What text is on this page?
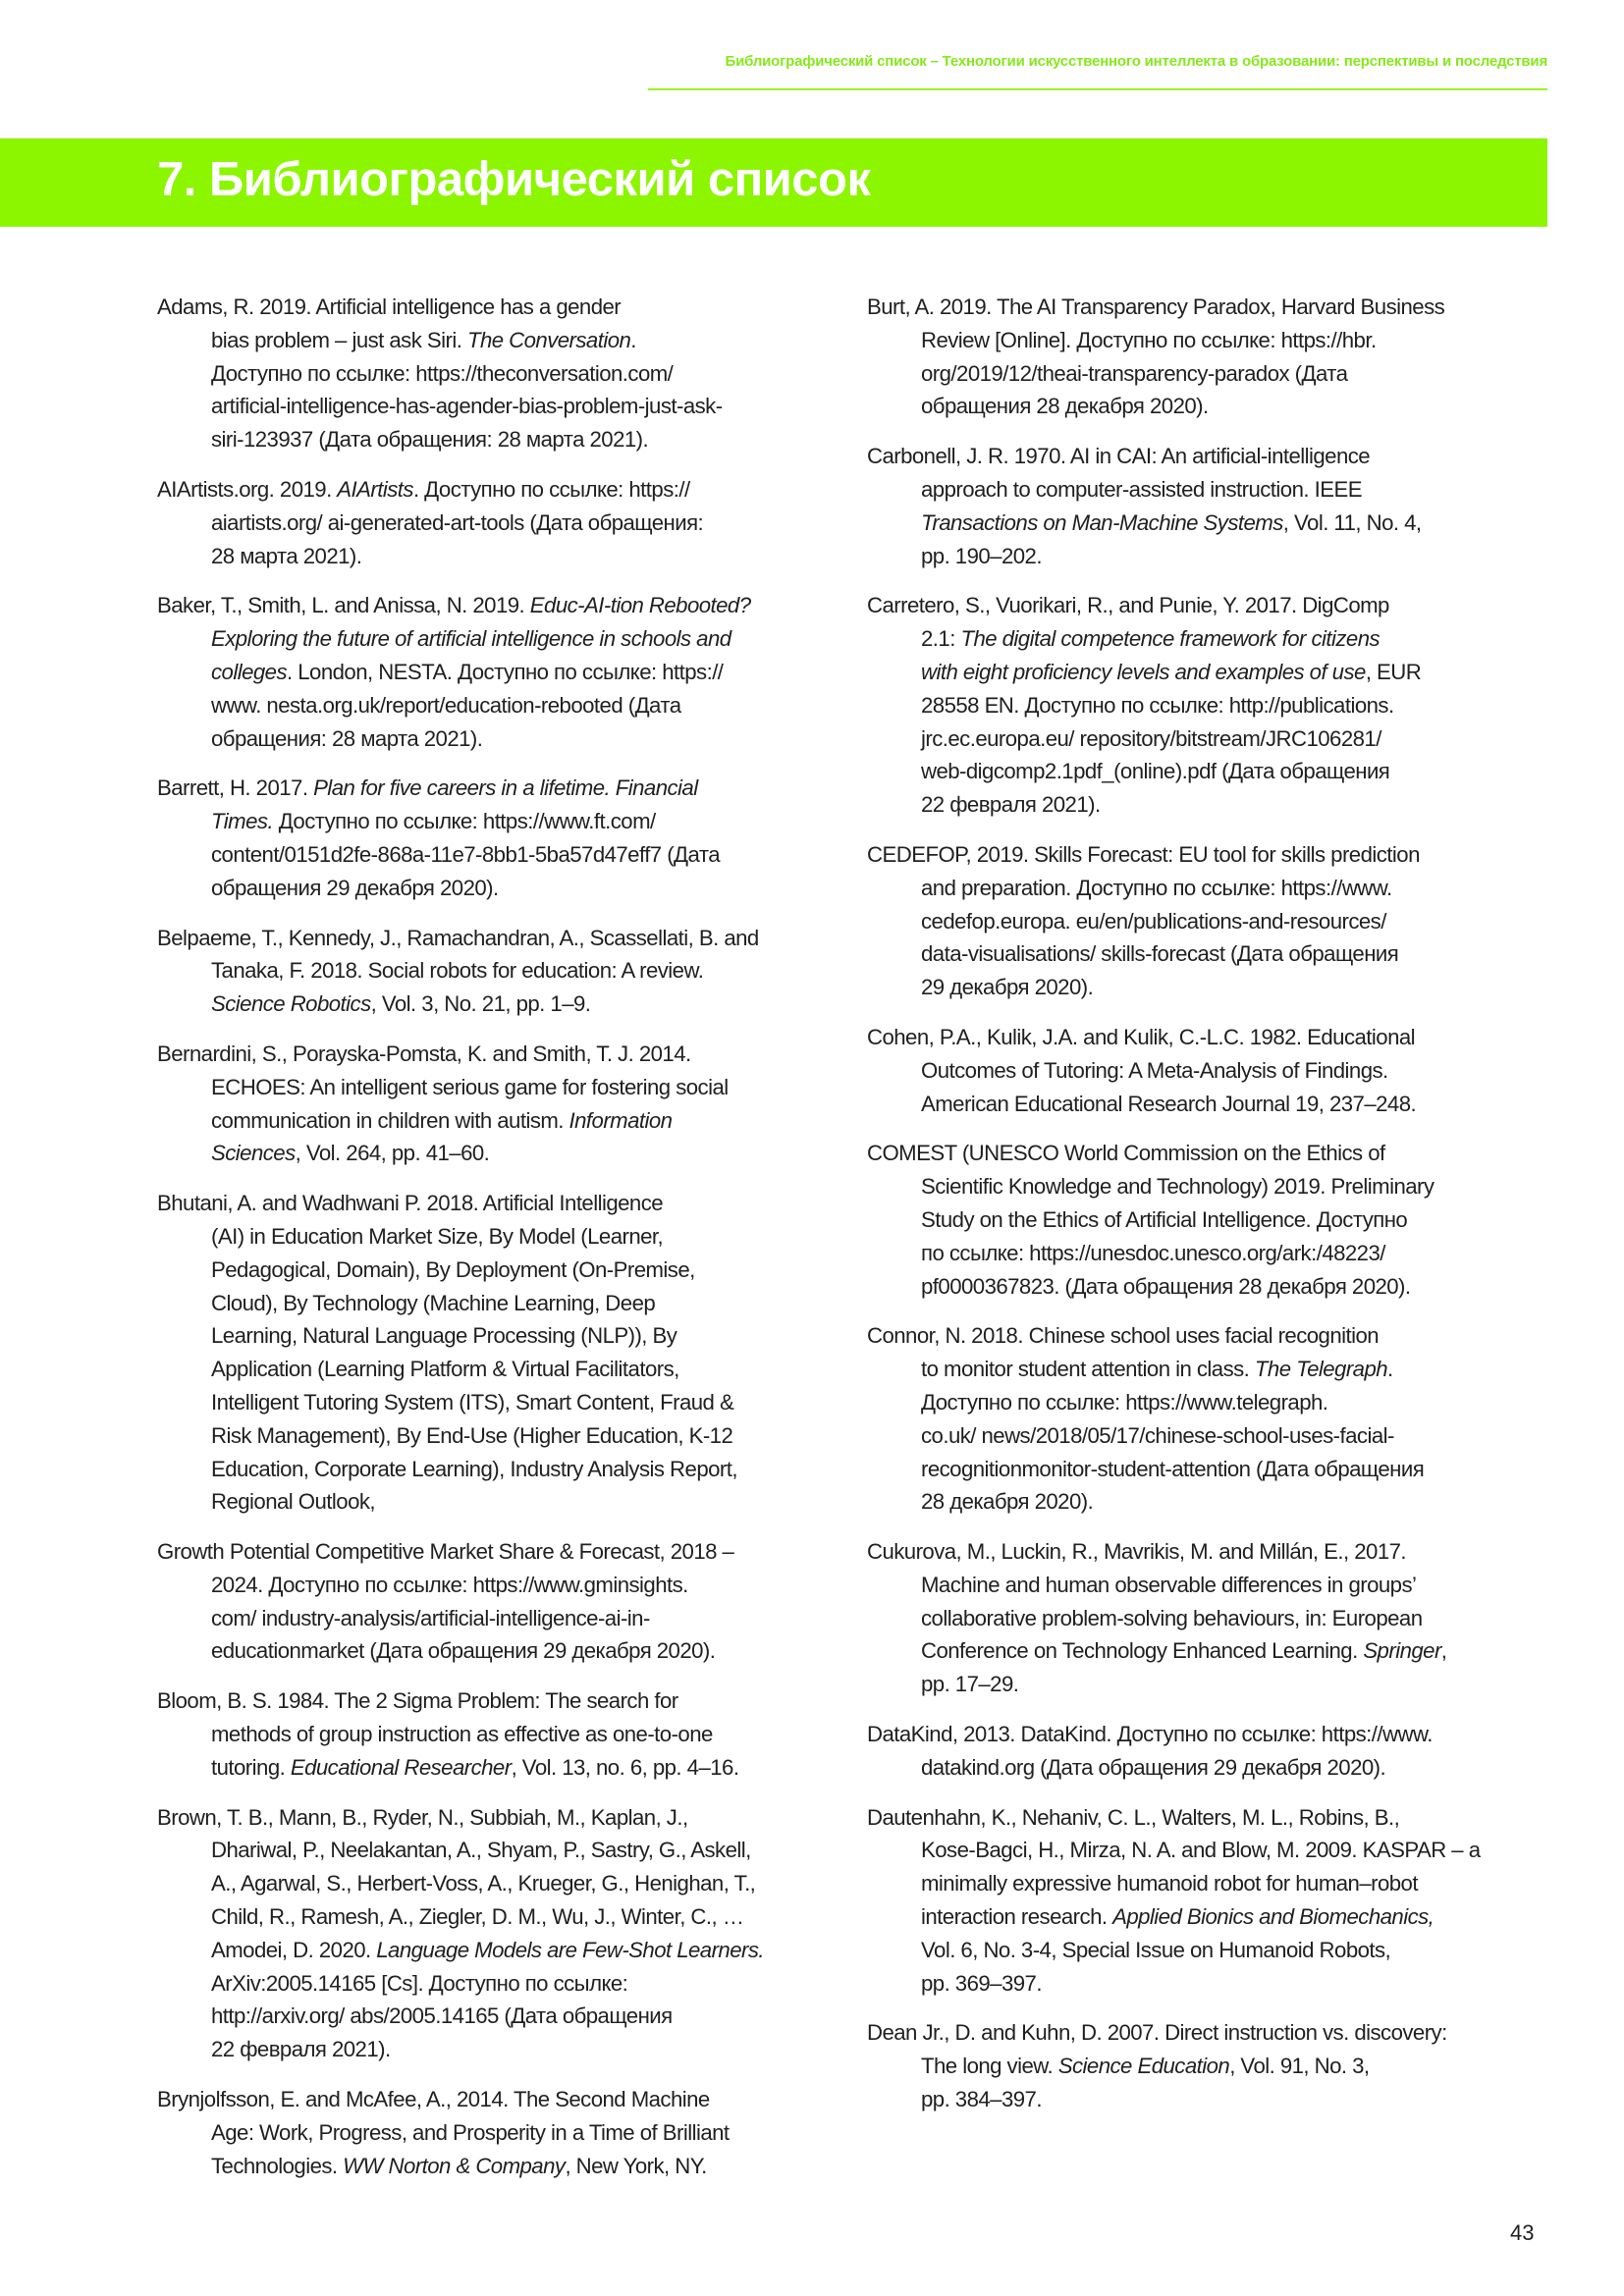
Библиографический список – Технологии искусственного интеллекта в образовании: перспективы и последствия
7. Библиографический список
Adams, R. 2019. Artificial intelligence has a gender
bias problem – just ask Siri. The Conversation.
Доступно по ссылке: https://theconversation.com/
artificial-intelligence-has-agender-bias-problem-just-ask-
siri-123937 (Дата обращения: 28 марта 2021).
AIArtists.org. 2019. AIArtists. Доступно по ссылке: https://
aiartists.org/ ai-generated-art-tools (Дата обращения:
28 марта 2021).
Baker, T., Smith, L. and Anissa, N. 2019. Educ-AI-tion Rebooted?
Exploring the future of artificial intelligence in schools and
colleges. London, NESTA. Доступно по ссылке: https://
www. nesta.org.uk/report/education-rebooted (Дата
обращения: 28 марта 2021).
Barrett, H. 2017. Plan for five careers in a lifetime. Financial
Times. Доступно по ссылке: https://www.ft.com/
content/0151d2fe-868a-11e7-8bb1-5ba57d47eff7 (Дата
обращения 29 декабря 2020).
Belpaeme, T., Kennedy, J., Ramachandran, A., Scassellati, B. and
Tanaka, F. 2018. Social robots for education: A review.
Science Robotics, Vol. 3, No. 21, pp. 1–9.
Bernardini, S., Porayska-Pomsta, K. and Smith, T. J. 2014.
ECHOES: An intelligent serious game for fostering social
communication in children with autism. Information
Sciences, Vol. 264, pp. 41–60.
Bhutani, A. and Wadhwani P. 2018. Artificial Intelligence
(AI) in Education Market Size, By Model (Learner,
Pedagogical, Domain), By Deployment (On-Premise,
Cloud), By Technology (Machine Learning, Deep
Learning, Natural Language Processing (NLP)), By
Application (Learning Platform & Virtual Facilitators,
Intelligent Tutoring System (ITS), Smart Content, Fraud &
Risk Management), By End-Use (Higher Education, K-12
Education, Corporate Learning), Industry Analysis Report,
Regional Outlook,
Growth Potential Competitive Market Share & Forecast, 2018 –
2024. Доступно по ссылке: https://www.gminsights.
com/ industry-analysis/artificial-intelligence-ai-in-
educationmarket (Дата обращения 29 декабря 2020).
Bloom, B. S. 1984. The 2 Sigma Problem: The search for
methods of group instruction as effective as one-to-one
tutoring. Educational Researcher, Vol. 13, no. 6, pp. 4–16.
Brown, T. B., Mann, B., Ryder, N., Subbiah, M., Kaplan, J.,
Dhariwal, P., Neelakantan, A., Shyam, P., Sastry, G., Askell,
A., Agarwal, S., Herbert-Voss, A., Krueger, G., Henighan, T.,
Child, R., Ramesh, A., Ziegler, D. M., Wu, J., Winter, C., …
Amodei, D. 2020. Language Models are Few-Shot Learners.
ArXiv:2005.14165 [Cs]. Доступно по ссылке:
http://arxiv.org/ abs/2005.14165 (Дата обращения
22 февраля 2021).
Brynjolfsson, E. and McAfee, A., 2014. The Second Machine
Age: Work, Progress, and Prosperity in a Time of Brilliant
Technologies. WW Norton & Company, New York, NY.
Burt, A. 2019. The AI Transparency Paradox, Harvard Business
Review [Online]. Доступно по ссылке: https://hbr.
org/2019/12/theai-transparency-paradox (Дата
обращения 28 декабря 2020).
Carbonell, J. R. 1970. AI in CAI: An artificial-intelligence
approach to computer-assisted instruction. IEEE
Transactions on Man-Machine Systems, Vol. 11, No. 4,
pp. 190–202.
Carretero, S., Vuorikari, R., and Punie, Y. 2017. DigComp
2.1: The digital competence framework for citizens
with eight proficiency levels and examples of use, EUR
28558 EN. Доступно по ссылке: http://publications.
jrc.ec.europa.eu/ repository/bitstream/JRC106281/
web-digcomp2.1pdf_(online).pdf (Дата обращения
22 февраля 2021).
CEDEFOP, 2019. Skills Forecast: EU tool for skills prediction
and preparation. Доступно по ссылке: https://www.
cedefop.europa. eu/en/publications-and-resources/
data-visualisations/ skills-forecast (Дата обращения
29 декабря 2020).
Cohen, P.A., Kulik, J.A. and Kulik, C.-L.C. 1982. Educational
Outcomes of Tutoring: A Meta-Analysis of Findings.
American Educational Research Journal 19, 237–248.
COMEST (UNESCO World Commission on the Ethics of
Scientific Knowledge and Technology) 2019. Preliminary
Study on the Ethics of Artificial Intelligence. Доступно
по ссылке: https://unesdoc.unesco.org/ark:/48223/
pf0000367823. (Дата обращения 28 декабря 2020).
Connor, N. 2018. Chinese school uses facial recognition
to monitor student attention in class. The Telegraph.
Доступно по ссылке: https://www.telegraph.
co.uk/ news/2018/05/17/chinese-school-uses-facial-
recognitionmonitor-student-attention (Дата обращения
28 декабря 2020).
Cukurova, M., Luckin, R., Mavrikis, M. and Millán, E., 2017.
Machine and human observable differences in groups’
collaborative problem-solving behaviours, in: European
Conference on Technology Enhanced Learning. Springer,
pp. 17–29.
DataKind, 2013. DataKind. Доступно по ссылке: https://www.
datakind.org (Дата обращения 29 декабря 2020).
Dautenhahn, K., Nehaniv, C. L., Walters, M. L., Robins, B.,
Kose-Bagci, H., Mirza, N. A. and Blow, M. 2009. KASPAR – a
minimally expressive humanoid robot for human–robot
interaction research. Applied Bionics and Biomechanics,
Vol. 6, No. 3-4, Special Issue on Humanoid Robots,
pp. 369–397.
Dean Jr., D. and Kuhn, D. 2007. Direct instruction vs. discovery:
The long view. Science Education, Vol. 91, No. 3,
pp. 384–397.
43
